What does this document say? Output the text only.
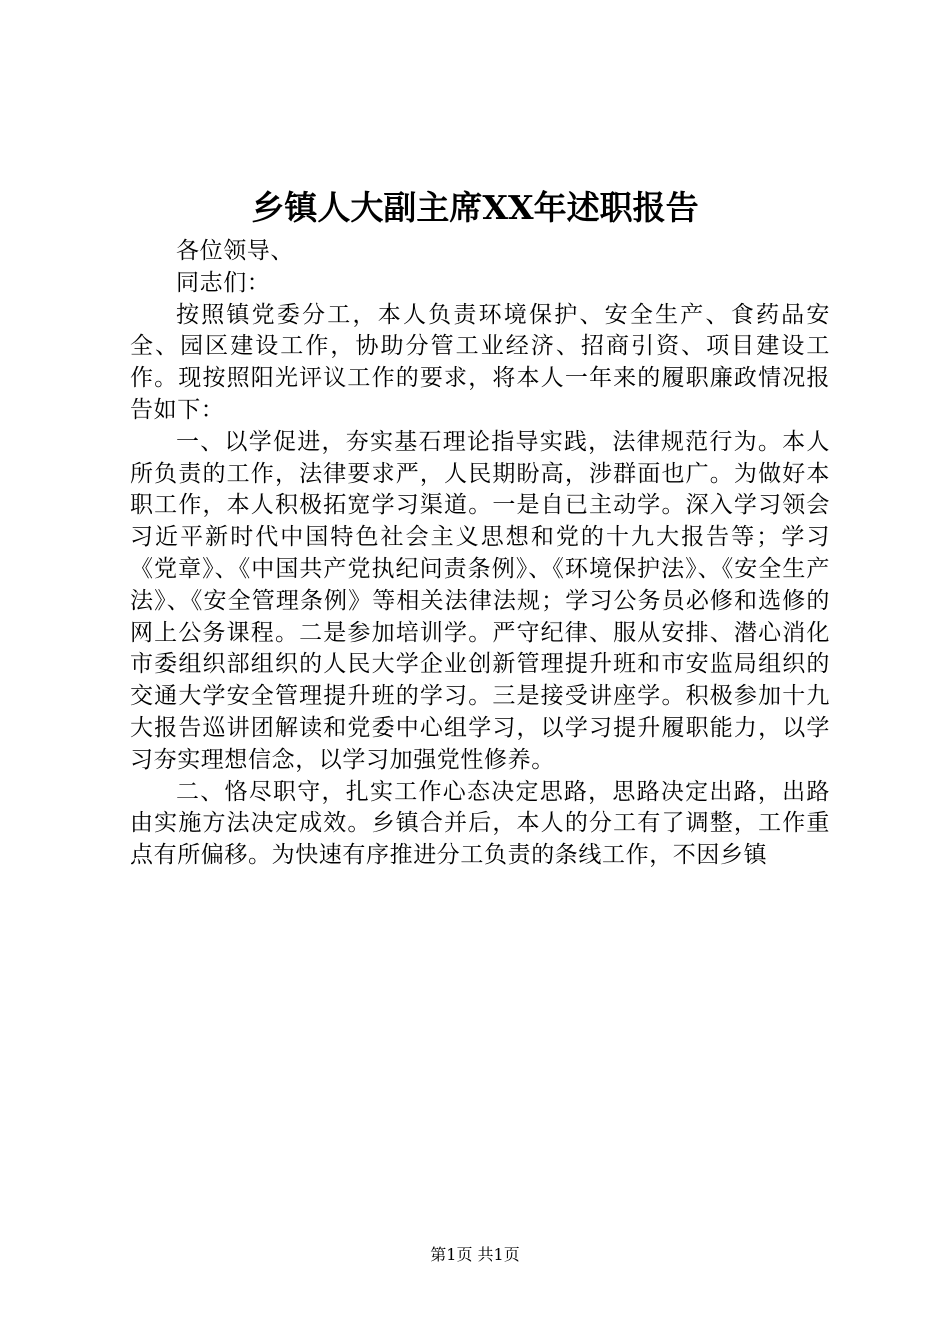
乡镇人大副主席XX年述职报告

各位领导、

同志们：

按照镇党委分工，本人负责环境保护、安全生产、食药品安全、园区建设工作，协助分管工业经济、招商引资、项目建设工作。现按照阳光评议工作的要求，将本人一年来的履职廉政情况报告如下：

一、以学促进，夯实基石理论指导实践，法律规范行为。本人所负责的工作，法律要求严，人民期盼高，涉群面也广。为做好本职工作，本人积极拓宽学习渠道。一是自已主动学。深入学习领会习近平新时代中国特色社会主义思想和党的十九大报告等；学习《党章》、《中国共产党执纪问责条例》、《环境保护法》、《安全生产法》、《安全管理条例》等相关法律法规；学习公务员必修和选修的网上公务课程。二是参加培训学。严守纪律、服从安排、潜心消化市委组织部组织的人民大学企业创新管理提升班和市安监局组织的交通大学安全管理提升班的学习。三是接受讲座学。积极参加十九大报告巡讲团解读和党委中心组学习，以学习提升履职能力，以学习夯实理想信念，以学习加强党性修养。

二、恪尽职守，扎实工作心态决定思路，思路决定出路，出路由实施方法决定成效。乡镇合并后，本人的分工有了调整，工作重点有所偏移。为快速有序推进分工负责的条线工作，不因乡镇

第1页 共1页
